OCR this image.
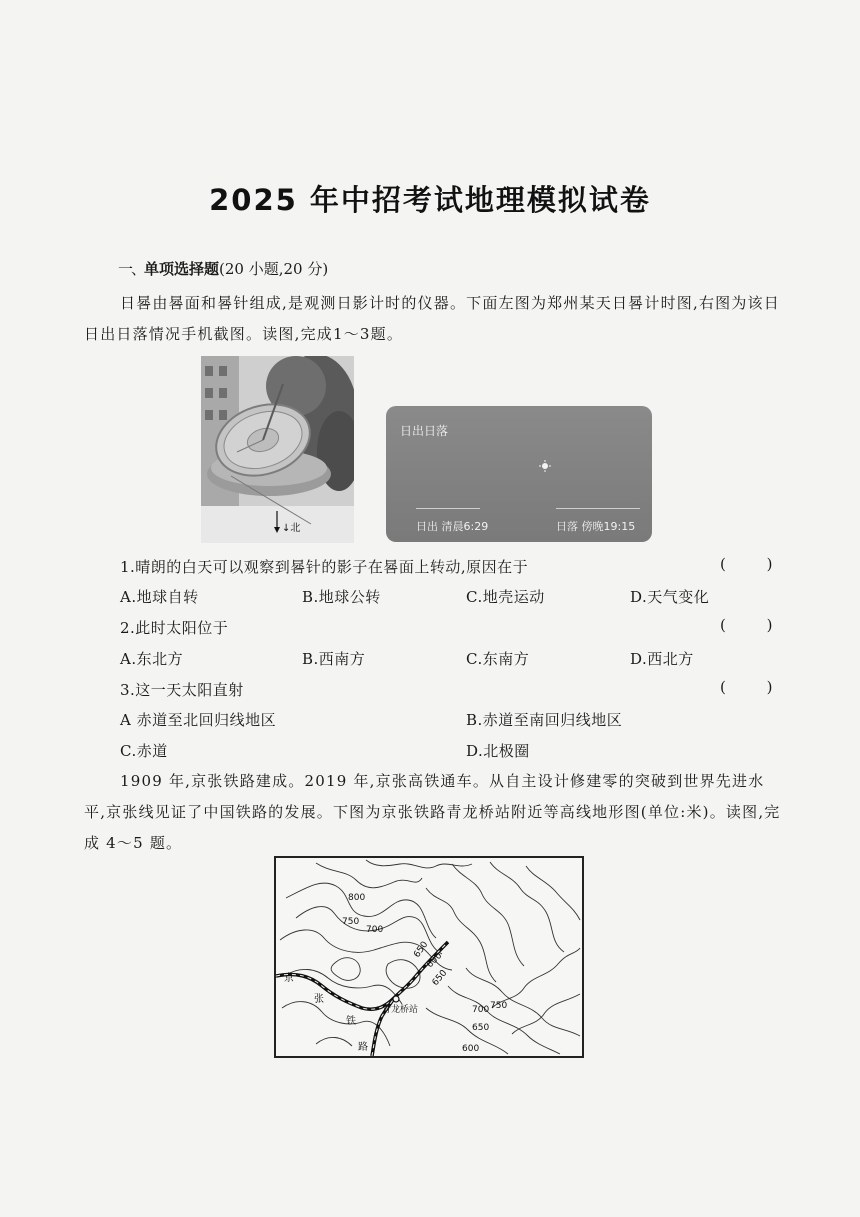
2025 年中招考试地理模拟试卷
一、单项选择题(20 小题,20 分)
日晷由晷面和晷针组成,是观测日影计时的仪器。下面左图为郑州某天日晷计时图,右图为该日日出日落情况手机截图。读图,完成1～3题。
↓北
日出日落
日出 清晨6:29	日落 傍晚19:15
1.晴朗的白天可以观察到晷针的影子在晷面上转动,原因在于	( )
A.地球自转	B.地球公转	C.地壳运动	D.天气变化
2.此时太阳位于	( )
A.东北方	B.西南方	C.东南方	D.西北方
3.这一天太阳直射	( )
A 赤道至北回归线地区	B.赤道至南回归线地区
C.赤道	D.北极圈
1909 年,京张铁路建成。2019 年,京张高铁通车。从自主设计修建零的突破到世界先进水平,京张线见证了中国铁路的发展。下图为京张铁路青龙桥站附近等高线地形图(单位:米)。读图,完成 4～5 题。
800
750
700
650
600
650
700 750
650
600
京
张
铁
路
青龙桥站
